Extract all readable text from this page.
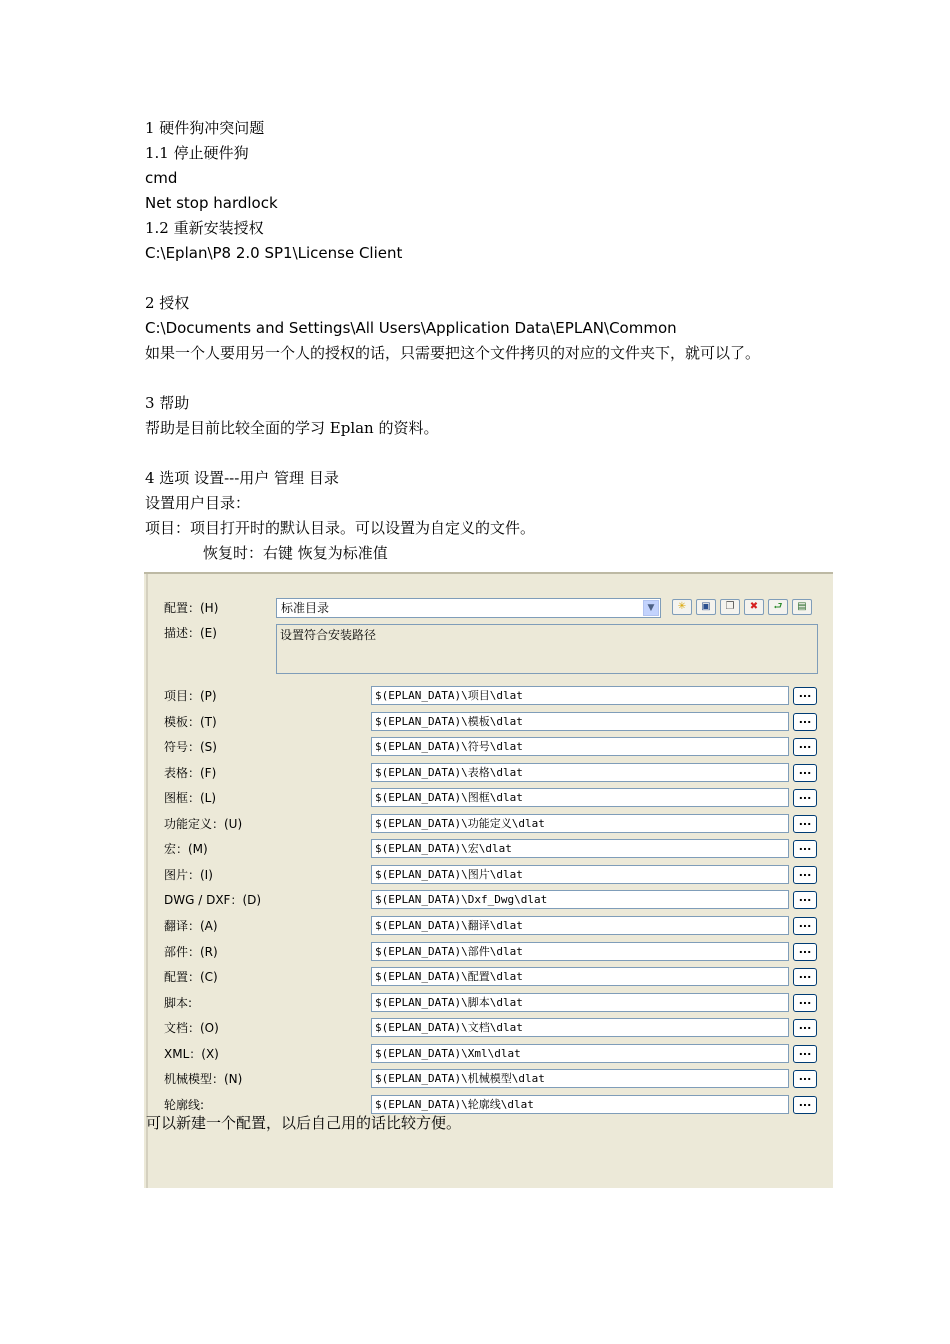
1 硬件狗冲突问题
1.1 停止硬件狗
cmd
Net stop hardlock
1.2 重新安装授权
C:\Eplan\P8 2.0 SP1\License Client
2 授权
C:\Documents and Settings\All Users\Application Data\EPLAN\Common
如果一个人要用另一个人的授权的话，只需要把这个文件拷贝的对应的文件夹下，就可以了。
3 帮助
帮助是目前比较全面的学习 Eplan 的资料。
4 选项 设置---用户 管理 目录
设置用户目录：
项目：项目打开时的默认目录。可以设置为自定义的文件。
恢复时：右键 恢复为标准值
配置：(H)	标准目录	▼	✳	▣	❐	✖	⮐	▤
描述：(E)	设置符合安装路径
项目：(P)	$(EPLAN_DATA)\项目\dlat	...
模板：(T)	$(EPLAN_DATA)\模板\dlat	...
符号：(S)	$(EPLAN_DATA)\符号\dlat	...
表格：(F)	$(EPLAN_DATA)\表格\dlat	...
图框：(L)	$(EPLAN_DATA)\图框\dlat	...
功能定义：(U)	$(EPLAN_DATA)\功能定义\dlat	...
宏：(M)	$(EPLAN_DATA)\宏\dlat	...
图片：(I)	$(EPLAN_DATA)\图片\dlat	...
DWG / DXF：(D)	$(EPLAN_DATA)\Dxf_Dwg\dlat	...
翻译：(A)	$(EPLAN_DATA)\翻译\dlat	...
部件：(R)	$(EPLAN_DATA)\部件\dlat	...
配置：(C)	$(EPLAN_DATA)\配置\dlat	...
脚本:	$(EPLAN_DATA)\脚本\dlat	...
文档：(O)	$(EPLAN_DATA)\文档\dlat	...
XML：(X)	$(EPLAN_DATA)\Xml\dlat	...
机械模型：(N)	$(EPLAN_DATA)\机械模型\dlat	...
轮廓线:	$(EPLAN_DATA)\轮廓线\dlat	...
可以新建一个配置，以后自己用的话比较方便。
